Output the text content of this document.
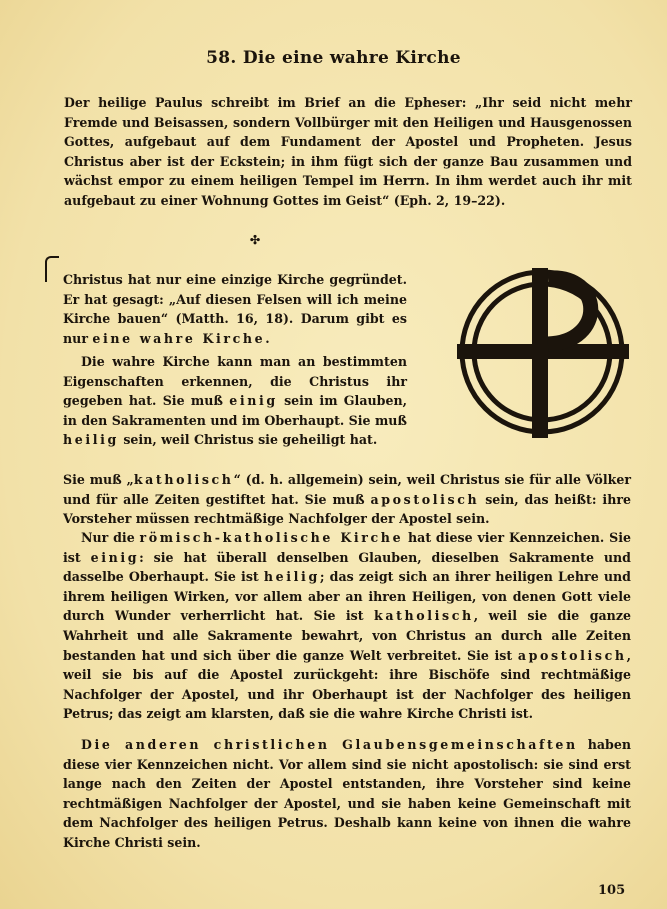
58. Die eine wahre Kirche

Der heilige Paulus schreibt im Brief an die Epheser: „Ihr seid nicht mehr Fremde und Beisassen, sondern Vollbürger mit den Heiligen und Hausgenossen Gottes, aufgebaut auf dem Fundament der Apostel und Propheten. Jesus Christus aber ist der Eckstein; in ihm fügt sich der ganze Bau zusammen und wächst empor zu einem heiligen Tempel im Herrn. In ihm werdet auch ihr mit aufgebaut zu einer Wohnung Gottes im Geist“ (Eph. 2, 19–22).

✣

Christus hat nur eine einzige Kirche gegründet. Er hat gesagt: „Auf diesen Felsen will ich meine Kirche bauen“ (Matth. 16, 18). Darum gibt es nur eine wahre Kirche.

Die wahre Kirche kann man an bestimmten Eigenschaften erkennen, die Christus ihr gegeben hat. Sie muß einig sein im Glauben, in den Sakramenten und im Oberhaupt. Sie muß heilig sein, weil Christus sie geheiligt hat.

Sie muß „katholisch“ (d. h. allgemein) sein, weil Christus sie für alle Völker und für alle Zeiten gestiftet hat. Sie muß apostolisch sein, das heißt: ihre Vorsteher müssen rechtmäßige Nachfolger der Apostel sein.

Nur die römisch-katholische Kirche hat diese vier Kennzeichen. Sie ist einig: sie hat überall denselben Glauben, dieselben Sakramente und dasselbe Oberhaupt. Sie ist heilig; das zeigt sich an ihrer heiligen Lehre und ihrem heiligen Wirken, vor allem aber an ihren Heiligen, von denen Gott viele durch Wunder verherrlicht hat. Sie ist katholisch, weil sie die ganze Wahrheit und alle Sakramente bewahrt, von Christus an durch alle Zeiten bestanden hat und sich über die ganze Welt verbreitet. Sie ist apostolisch, weil sie bis auf die Apostel zurückgeht: ihre Bischöfe sind rechtmäßige Nachfolger der Apostel, und ihr Oberhaupt ist der Nachfolger des heiligen Petrus; das zeigt am klarsten, daß sie die wahre Kirche Christi ist.

Die anderen christlichen Glaubensgemeinschaften haben diese vier Kennzeichen nicht. Vor allem sind sie nicht apostolisch: sie sind erst lange nach den Zeiten der Apostel entstanden, ihre Vorsteher sind keine rechtmäßigen Nachfolger der Apostel, und sie haben keine Gemeinschaft mit dem Nachfolger des heiligen Petrus. Deshalb kann keine von ihnen die wahre Kirche Christi sein.

105
